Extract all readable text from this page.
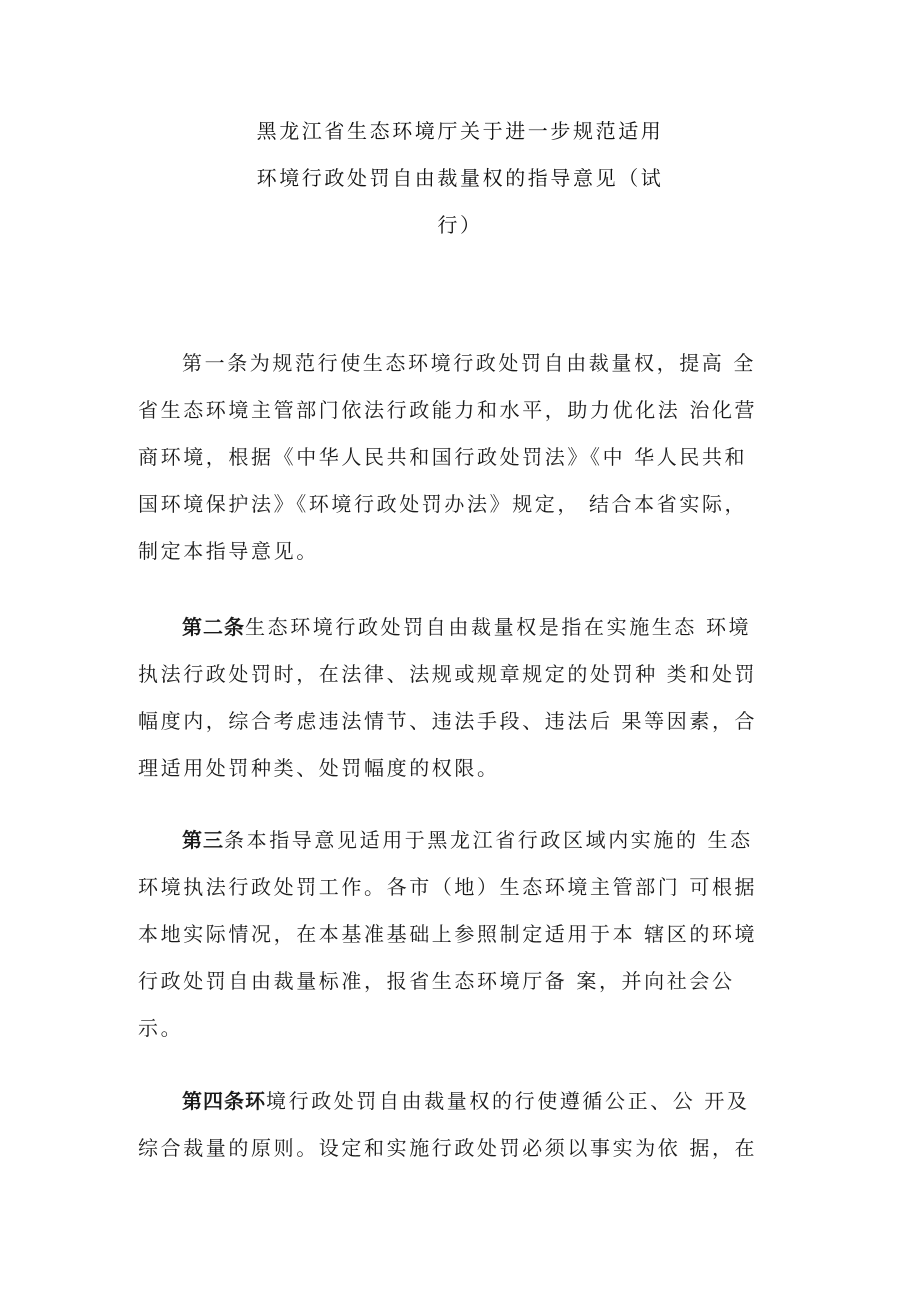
黑龙江省生态环境厅关于进一步规范适用
环境行政处罚自由裁量权的指导意见（试
行）
第一条为规范行使生态环境行政处罚自由裁量权，提高 全
省生态环境主管部门依法行政能力和水平，助力优化法 治化营
商环境，根据《中华人民共和国行政处罚法》《中 华人民共和
国环境保护法》《环境行政处罚办法》规定， 结合本省实际，
制定本指导意见。
第二条生态环境行政处罚自由裁量权是指在实施生态 环境
执法行政处罚时，在法律、法规或规章规定的处罚种 类和处罚
幅度内，综合考虑违法情节、违法手段、违法后 果等因素，合
理适用处罚种类、处罚幅度的权限。
第三条本指导意见适用于黑龙江省行政区域内实施的 生态
环境执法行政处罚工作。各市（地）生态环境主管部门 可根据
本地实际情况，在本基准基础上参照制定适用于本 辖区的环境
行政处罚自由裁量标准，报省生态环境厅备 案，并向社会公
示。
第四条环境行政处罚自由裁量权的行使遵循公正、公 开及
综合裁量的原则。设定和实施行政处罚必须以事实为依 据，在
